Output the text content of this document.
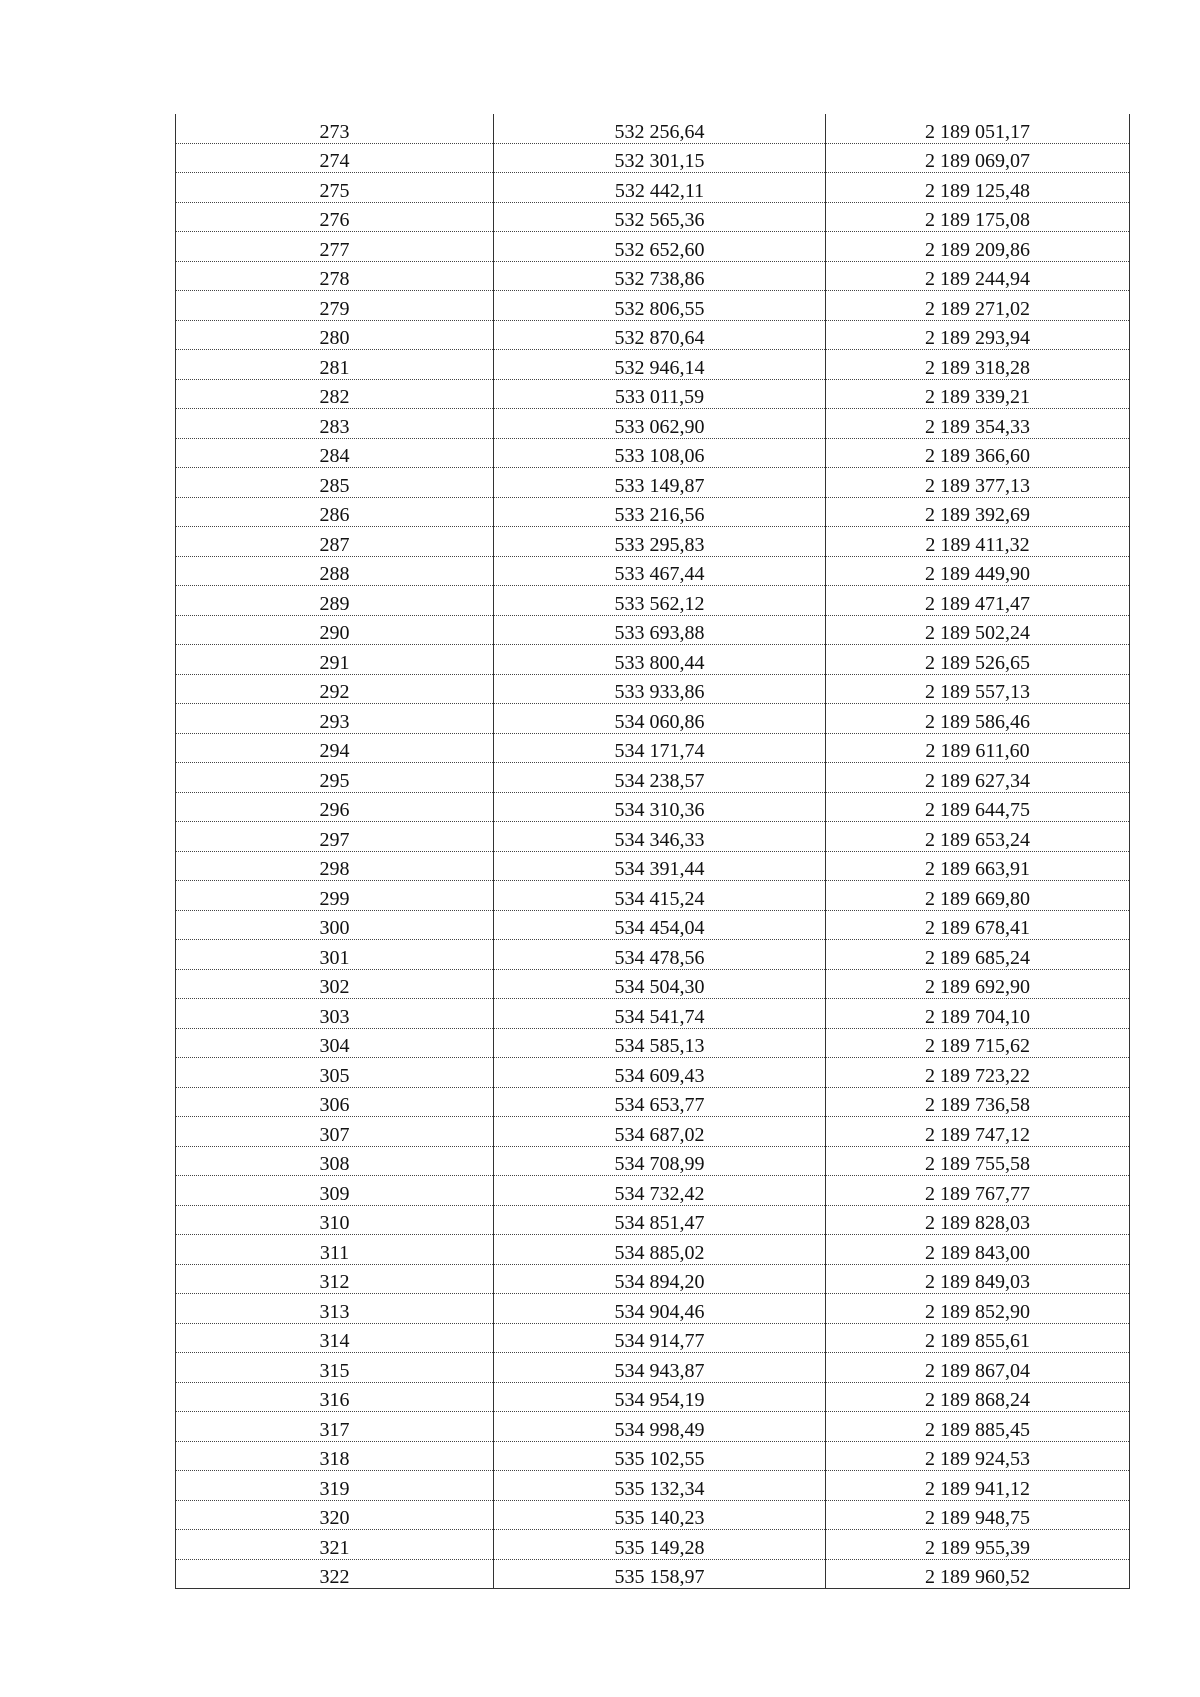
273	532 256,64	2 189 051,17
274	532 301,15	2 189 069,07
275	532 442,11	2 189 125,48
276	532 565,36	2 189 175,08
277	532 652,60	2 189 209,86
278	532 738,86	2 189 244,94
279	532 806,55	2 189 271,02
280	532 870,64	2 189 293,94
281	532 946,14	2 189 318,28
282	533 011,59	2 189 339,21
283	533 062,90	2 189 354,33
284	533 108,06	2 189 366,60
285	533 149,87	2 189 377,13
286	533 216,56	2 189 392,69
287	533 295,83	2 189 411,32
288	533 467,44	2 189 449,90
289	533 562,12	2 189 471,47
290	533 693,88	2 189 502,24
291	533 800,44	2 189 526,65
292	533 933,86	2 189 557,13
293	534 060,86	2 189 586,46
294	534 171,74	2 189 611,60
295	534 238,57	2 189 627,34
296	534 310,36	2 189 644,75
297	534 346,33	2 189 653,24
298	534 391,44	2 189 663,91
299	534 415,24	2 189 669,80
300	534 454,04	2 189 678,41
301	534 478,56	2 189 685,24
302	534 504,30	2 189 692,90
303	534 541,74	2 189 704,10
304	534 585,13	2 189 715,62
305	534 609,43	2 189 723,22
306	534 653,77	2 189 736,58
307	534 687,02	2 189 747,12
308	534 708,99	2 189 755,58
309	534 732,42	2 189 767,77
310	534 851,47	2 189 828,03
311	534 885,02	2 189 843,00
312	534 894,20	2 189 849,03
313	534 904,46	2 189 852,90
314	534 914,77	2 189 855,61
315	534 943,87	2 189 867,04
316	534 954,19	2 189 868,24
317	534 998,49	2 189 885,45
318	535 102,55	2 189 924,53
319	535 132,34	2 189 941,12
320	535 140,23	2 189 948,75
321	535 149,28	2 189 955,39
322	535 158,97	2 189 960,52
